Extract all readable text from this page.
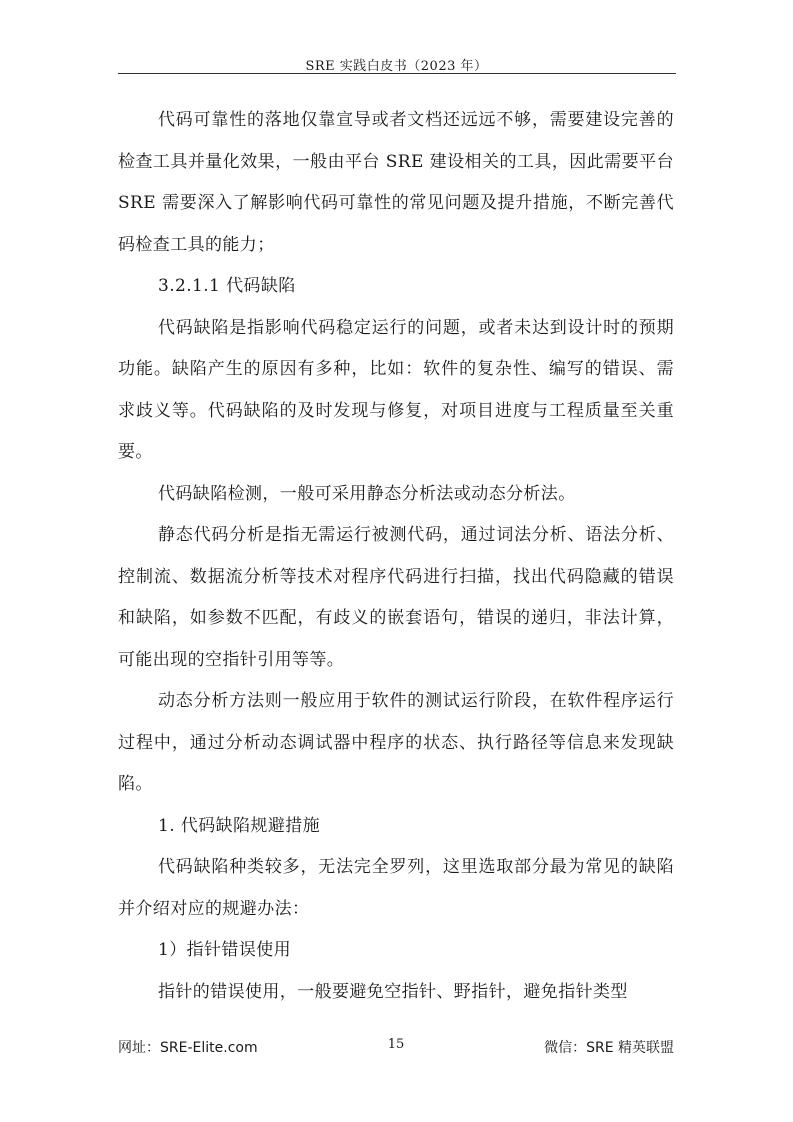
SRE 实践白皮书（2023 年）

代码可靠性的落地仅靠宣导或者文档还远远不够，需要建设完善的检查工具并量化效果，一般由平台 SRE 建设相关的工具，因此需要平台 SRE 需要深入了解影响代码可靠性的常见问题及提升措施，不断完善代码检查工具的能力；

3.2.1.1 代码缺陷

代码缺陷是指影响代码稳定运行的问题，或者未达到设计时的预期功能。缺陷产生的原因有多种，比如：软件的复杂性、编写的错误、需求歧义等。代码缺陷的及时发现与修复，对项目进度与工程质量至关重要。

代码缺陷检测，一般可采用静态分析法或动态分析法。

静态代码分析是指无需运行被测代码，通过词法分析、语法分析、控制流、数据流分析等技术对程序代码进行扫描，找出代码隐藏的错误和缺陷，如参数不匹配，有歧义的嵌套语句，错误的递归，非法计算，可能出现的空指针引用等等。

动态分析方法则一般应用于软件的测试运行阶段，在软件程序运行过程中，通过分析动态调试器中程序的状态、执行路径等信息来发现缺陷。

1. 代码缺陷规避措施

代码缺陷种类较多，无法完全罗列，这里选取部分最为常见的缺陷并介绍对应的规避办法：

1）指针错误使用

指针的错误使用，一般要避免空指针、野指针，避免指针类型

网址：SRE-Elite.com	15	微信：SRE 精英联盟
